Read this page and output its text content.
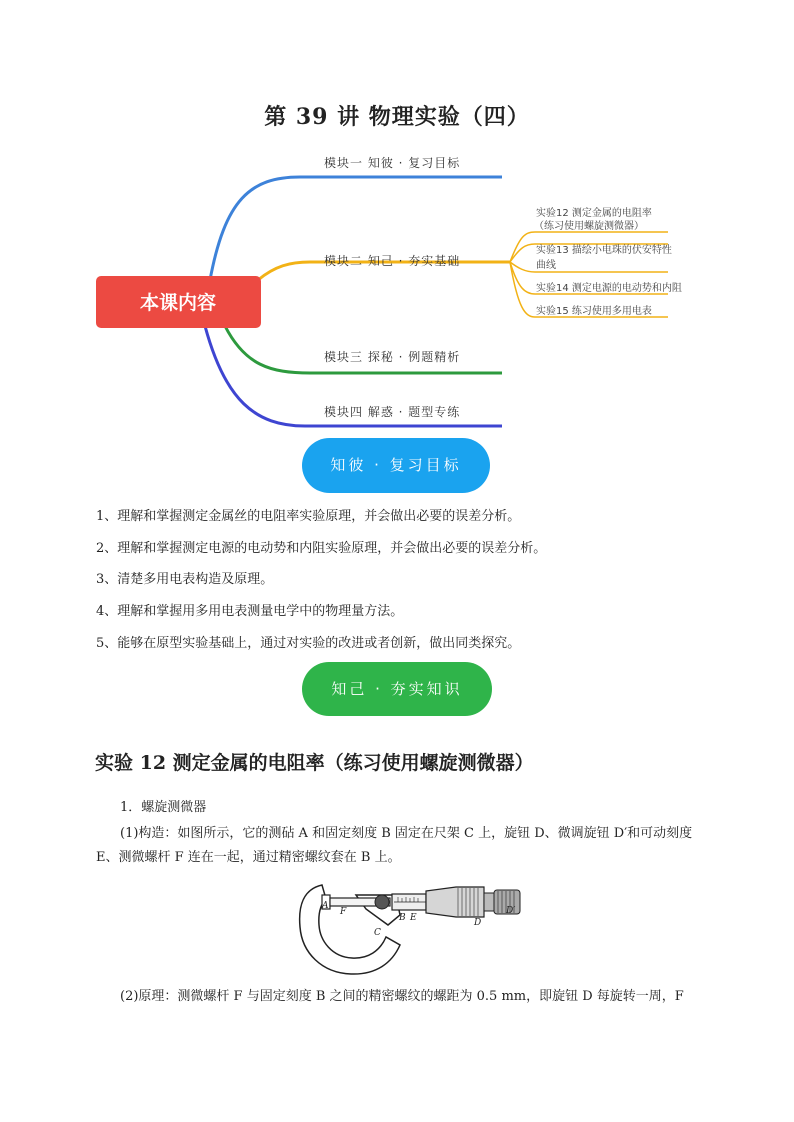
第 39 讲 物理实验（四）
本课内容
模块一 知彼 · 复习目标
模块二 知己 · 夯实基础
模块三 探秘 · 例题精析
模块四 解惑 · 题型专练
实验12 测定金属的电阻率
（练习使用螺旋测微器）
实验13 描绘小电珠的伏安特性
曲线
实验14 测定电源的电动势和内阻
实验15 练习使用多用电表
知彼 · 复习目标
1、理解和掌握测定金属丝的电阻率实验原理，并会做出必要的误差分析。
2、理解和掌握测定电源的电动势和内阻实验原理，并会做出必要的误差分析。
3、清楚多用电表构造及原理。
4、理解和掌握用多用电表测量电学中的物理量方法。
5、能够在原型实验基础上，通过对实验的改进或者创新，做出同类探究。
知己 · 夯实知识
实验 12 测定金属的电阻率（练习使用螺旋测微器）
1．螺旋测微器
(1)构造：如图所示，它的测砧 A 和固定刻度 B 固定在尺架 C 上，旋钮 D、微调旋钮 D′和可动刻度 E、测微螺杆 F 连在一起，通过精密螺纹套在 B 上。
A
F
C
B E	D
D′
(2)原理：测微螺杆 F 与固定刻度 B 之间的精密螺纹的螺距为 0.5 mm，即旋钮 D 每旋转一周，F
